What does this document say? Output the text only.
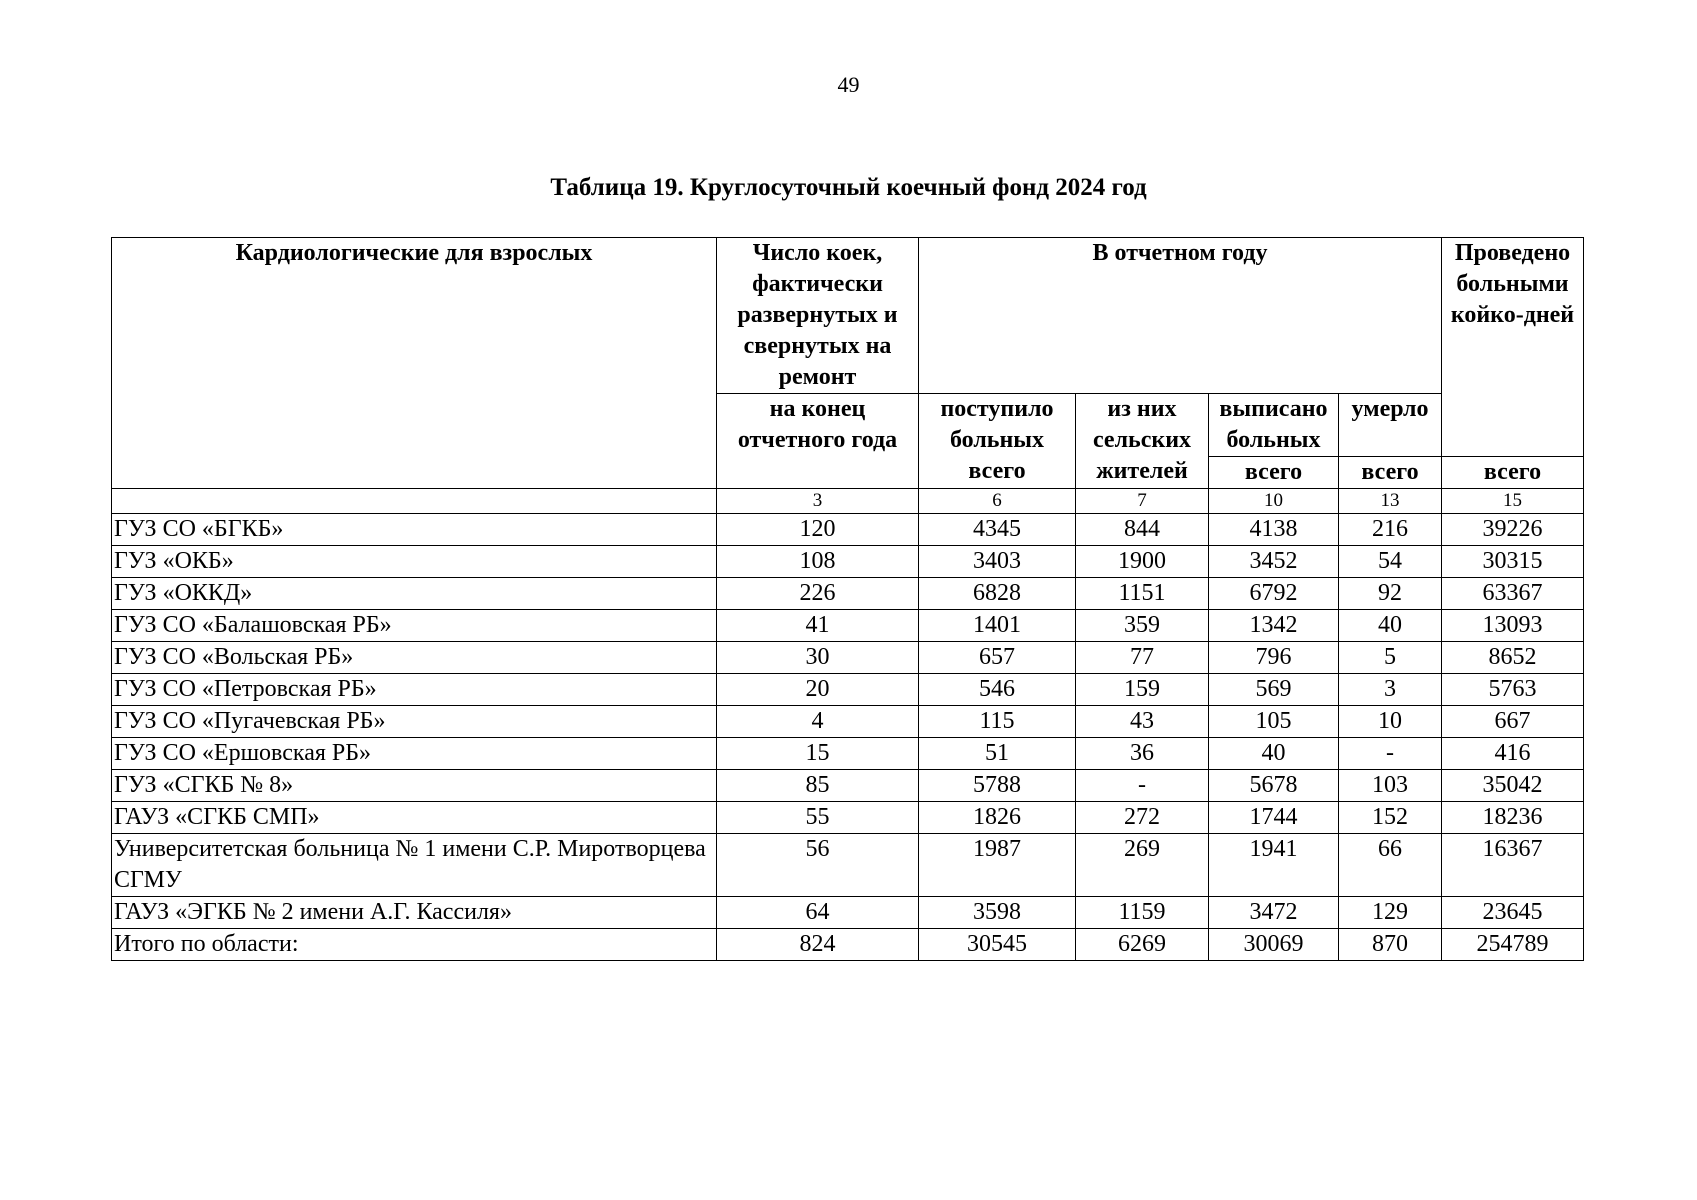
49
Таблица 19. Круглосуточный коечный фонд 2024 год
Кардиологические для взрослых	Число коек, фактически развернутых и свернутых на ремонт	В отчетном году				Проведено больными койко-дней
	на конец отчетного года	поступило больных всего	из них сельских жителей	выписано больных	умерло	
				всего	всего	всего
	3	6	7	10	13	15
ГУЗ СО «БГКБ»	120	4345	844	4138	216	39226
ГУЗ «ОКБ»	108	3403	1900	3452	54	30315
ГУЗ «ОККД»	226	6828	1151	6792	92	63367
ГУЗ СО «Балашовская РБ»	41	1401	359	1342	40	13093
ГУЗ СО «Вольская РБ»	30	657	77	796	5	8652
ГУЗ СО «Петровская РБ»	20	546	159	569	3	5763
ГУЗ СО «Пугачевская РБ»	4	115	43	105	10	667
ГУЗ СО «Ершовская РБ»	15	51	36	40	-	416
ГУЗ «СГКБ № 8»	85	5788	-	5678	103	35042
ГАУЗ «СГКБ СМП»	55	1826	272	1744	152	18236
Университетская больница № 1 имени С.Р. Миротворцева СГМУ	56	1987	269	1941	66	16367
ГАУЗ «ЭГКБ № 2 имени А.Г. Кассиля»	64	3598	1159	3472	129	23645
Итого по области:	824	30545	6269	30069	870	254789
